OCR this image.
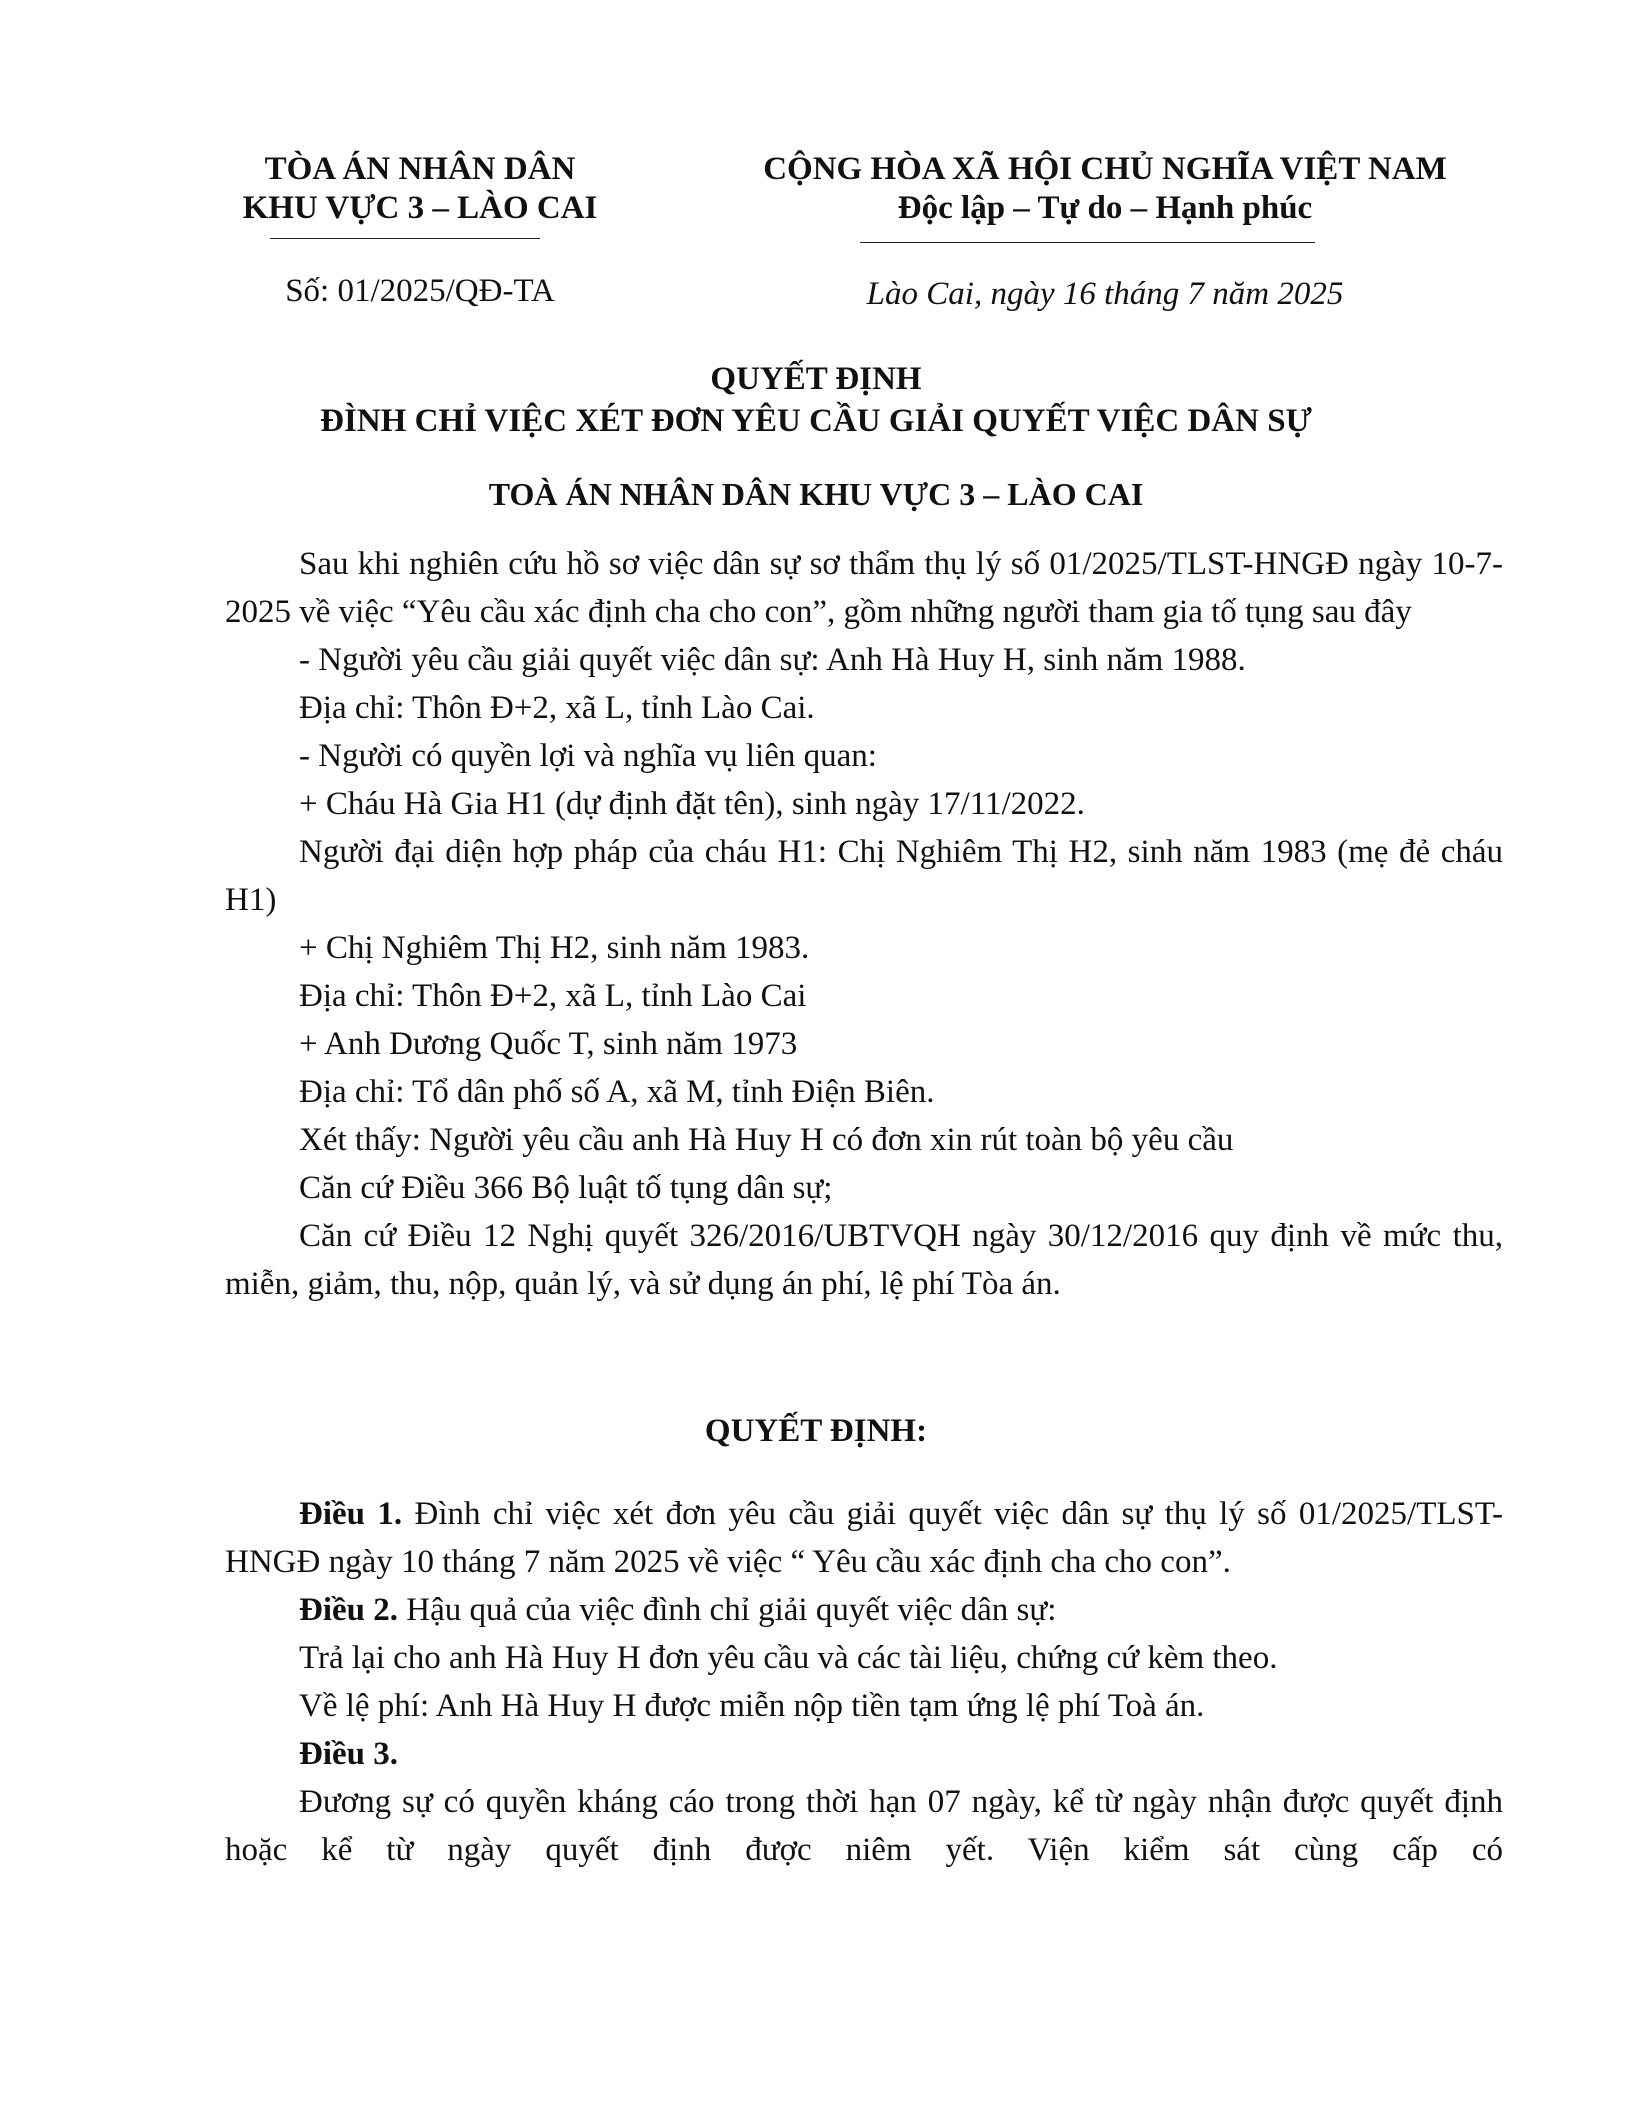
TÒA ÁN NHÂN DÂN
KHU VỰC 3 – LÀO CAI
CỘNG HÒA XÃ HỘI CHỦ NGHĨA VIỆT NAM
Độc lập – Tự do – Hạnh phúc
Số: 01/2025/QĐ-TA	Lào Cai, ngày 16 tháng 7 năm 2025
QUYẾT ĐỊNH
ĐÌNH CHỈ VIỆC XÉT ĐƠN YÊU CẦU GIẢI QUYẾT VIỆC DÂN SỰ
TOÀ ÁN NHÂN DÂN KHU VỰC 3 – LÀO CAI

Sau khi nghiên cứu hồ sơ việc dân sự sơ thẩm thụ lý số 01/2025/TLST-HNGĐ ngày 10-7-2025 về việc “Yêu cầu xác định cha cho con”, gồm những người tham gia tố tụng sau đây

- Người yêu cầu giải quyết việc dân sự: Anh Hà Huy H, sinh năm 1988.
Địa chỉ: Thôn Đ+2, xã L, tỉnh Lào Cai.
- Người có quyền lợi và nghĩa vụ liên quan:
+ Cháu Hà Gia H1 (dự định đặt tên), sinh ngày 17/11/2022.

Người đại diện hợp pháp của cháu H1: Chị Nghiêm Thị H2, sinh năm 1983 (mẹ đẻ cháu H1)

+ Chị Nghiêm Thị H2, sinh năm 1983.
Địa chỉ: Thôn Đ+2, xã L, tỉnh Lào Cai
+ Anh Dương Quốc T, sinh năm 1973
Địa chỉ: Tổ dân phố số A, xã M, tỉnh Điện Biên.
Xét thấy: Người yêu cầu anh Hà Huy H có đơn xin rút toàn bộ yêu cầu
Căn cứ Điều 366 Bộ luật tố tụng dân sự;

Căn cứ Điều 12 Nghị quyết 326/2016/UBTVQH ngày 30/12/2016 quy định về mức thu, miễn, giảm, thu, nộp, quản lý, và sử dụng án phí, lệ phí Tòa án.

QUYẾT ĐỊNH:

Điều 1. Đình chỉ việc xét đơn yêu cầu giải quyết việc dân sự thụ lý số 01/2025/TLST-HNGĐ ngày 10 tháng 7 năm 2025 về việc “ Yêu cầu xác định cha cho con”.

Điều 2. Hậu quả của việc đình chỉ giải quyết việc dân sự:
Trả lại cho anh Hà Huy H đơn yêu cầu và các tài liệu, chứng cứ kèm theo.
Về lệ phí: Anh Hà Huy H được miễn nộp tiền tạm ứng lệ phí Toà án.
Điều 3.

Đương sự có quyền kháng cáo trong thời hạn 07 ngày, kể từ ngày nhận được quyết định hoặc kể từ ngày quyết định được niêm yết. Viện kiểm sát cùng cấp có
